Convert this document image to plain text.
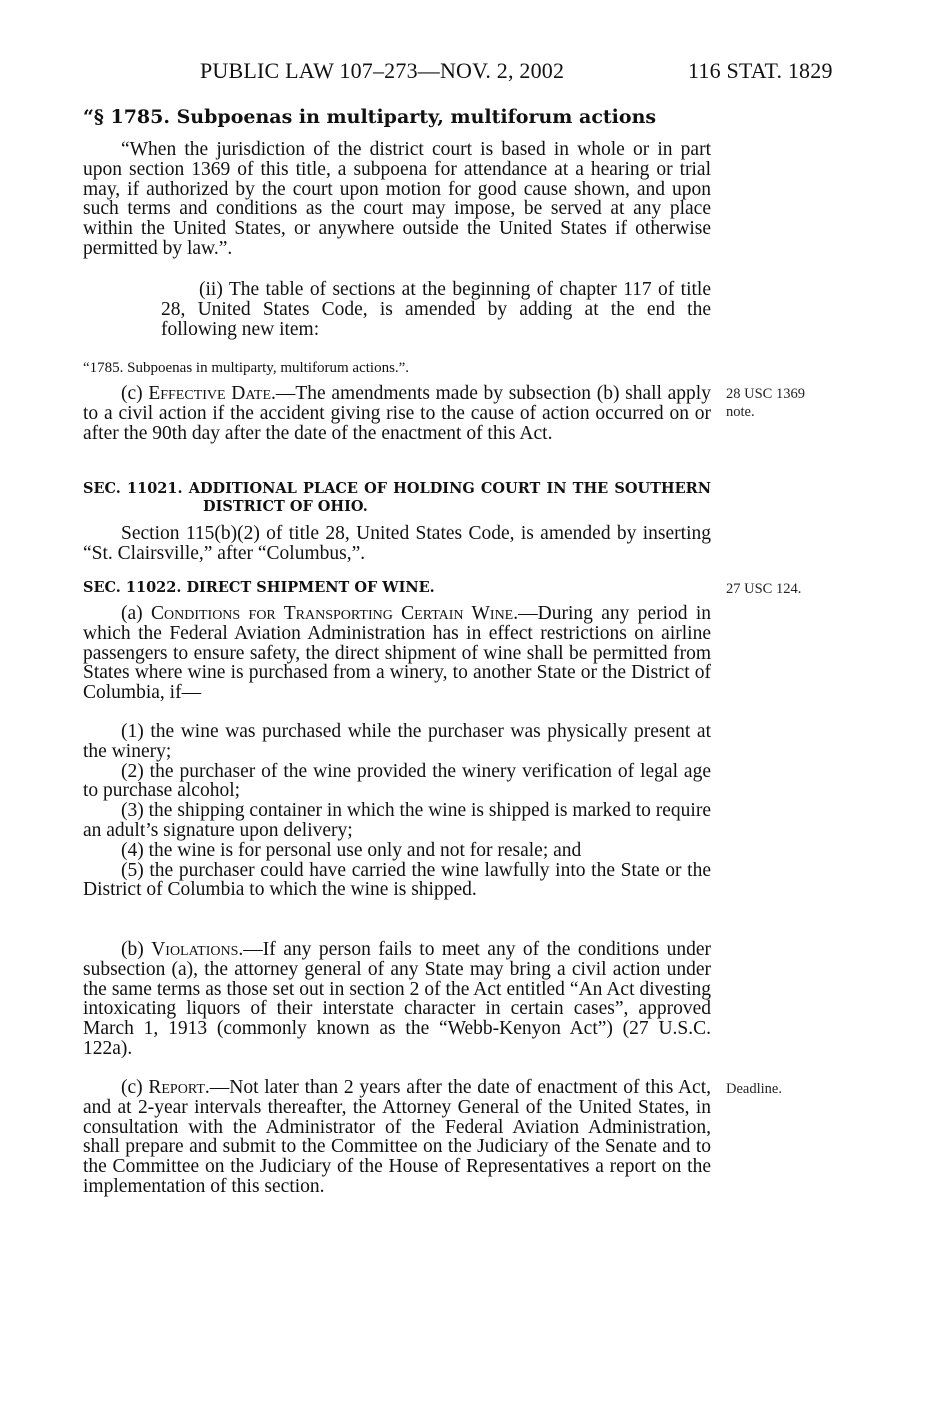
PUBLIC LAW 107–273—NOV. 2, 2002	116 STAT. 1829

“§ 1785. Subpoenas in multiparty, multiforum actions

“When the jurisdiction of the district court is based in whole or in part upon section 1369 of this title, a subpoena for attendance at a hearing or trial may, if authorized by the court upon motion for good cause shown, and upon such terms and conditions as the court may impose, be served at any place within the United States, or anywhere outside the United States if otherwise permitted by law.”.

(ii) The table of sections at the beginning of chapter 117 of title 28, United States Code, is amended by adding at the end the following new item:

“1785. Subpoenas in multiparty, multiforum actions.”.

(c) Effective Date.—The amendments made by subsection (b) shall apply to a civil action if the accident giving rise to the cause of action occurred on or after the 90th day after the date of the enactment of this Act.

28 USC 1369
note.

SEC. 11021. ADDITIONAL PLACE OF HOLDING COURT IN THE SOUTHERN DISTRICT OF OHIO.

Section 115(b)(2) of title 28, United States Code, is amended by inserting “St. Clairsville,” after “Columbus,”.

SEC. 11022. DIRECT SHIPMENT OF WINE.	27 USC 124.

(a) Conditions for Transporting Certain Wine.—During any period in which the Federal Aviation Administration has in effect restrictions on airline passengers to ensure safety, the direct shipment of wine shall be permitted from States where wine is purchased from a winery, to another State or the District of Columbia, if—

(1) the wine was purchased while the purchaser was physically present at the winery;

(2) the purchaser of the wine provided the winery verification of legal age to purchase alcohol;

(3) the shipping container in which the wine is shipped is marked to require an adult’s signature upon delivery;

(4) the wine is for personal use only and not for resale; and

(5) the purchaser could have carried the wine lawfully into the State or the District of Columbia to which the wine is shipped.

(b) Violations.—If any person fails to meet any of the conditions under subsection (a), the attorney general of any State may bring a civil action under the same terms as those set out in section 2 of the Act entitled “An Act divesting intoxicating liquors of their interstate character in certain cases”, approved March 1, 1913 (commonly known as the “Webb-Kenyon Act”) (27 U.S.C. 122a).

(c) Report.—Not later than 2 years after the date of enactment of this Act, and at 2-year intervals thereafter, the Attorney General of the United States, in consultation with the Administrator of the Federal Aviation Administration, shall prepare and submit to the Committee on the Judiciary of the Senate and to the Committee on the Judiciary of the House of Representatives a report on the implementation of this section.

Deadline.
